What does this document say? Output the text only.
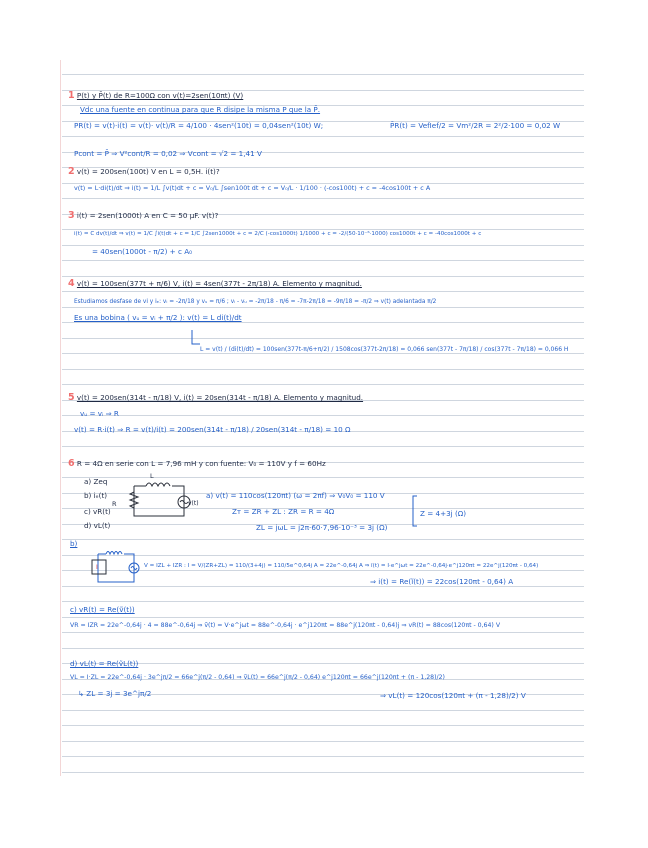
1 P(t) y P̄(t) de R=100Ω con v(t)=2sen(10πt) (V)
Vdc una fuente en continua para que R disipe la misma P que la P̄.
PR(t) = v(t)·i(t) = v(t)· v(t)/R = 4/100 · 4sen²(10t) = 0,04sen²(10t) W;	P̄R(t) = VefIef/2 = Vm²/2R = 2²/2·100 = 0,02 W
Pcont = P̄ ⇒ V²cont/R = 0,02 ⇒ Vcont = √2 = 1,41 V
2 v(t) = 200sen(100t) V en L = 0,5H. i(t)?
v(t) = L·di(t)/dt ⇒ i(t) = 1/L ∫v(t)dt + c = V₀/L ∫sen100t dt + c = V₀/L · 1/100 · (-cos100t) + c = -4cos100t + c A
3 i(t) = 2sen(1000t) A en C = 50 µF. v(t)?
i(t) = C dv(t)/dt ⇒ v(t) = 1/C ∫i(t)dt + c = 1/C ∫2sen1000t + c = 2/C (-cos1000t) 1/1000 + c = -2/(50·10⁻⁶·1000) cos1000t + c = -40cos1000t + c
= 40sen(1000t - π/2) + c A₀
4 v(t) = 100sen(377t + π/6) V, i(t) = 4sen(377t - 2π/18) A. Elemento y magnitud.
Estudiamos desfase de vi y iₑ: vᵢ = -2π/18 y vᵤ = π/6 ; vᵢ - vᵤ = -2π/18 - π/6 = -7π-2π/18 = -9π/18 = -π/2 ⇒ v(t) adelantada π/2
Es una bobina ( vᵤ = vᵢ + π/2 ): v(t) = L di(t)/dt
L = v(t) / (di(t)/dt) = 100sen(377t-π/6+π/2) / 1508cos(377t-2π/18) = 0,066 sen(377t - 7π/18) / cos(377t - 7π/18) = 0,066 H
5 v(t) = 200sen(314t - π/18) V, i(t) = 20sen(314t - π/18) A. Elemento y magnitud.
vᵤ = vᵢ ⇒ R
v(t) = R·i(t) ⇒ R = v(t)/i(t) = 200sen(314t - π/18) / 20sen(314t - π/18) = 10 Ω
6 R = 4Ω en serie con L = 7,96 mH y con fuente: V₀ = 110V y f = 60Hz
a) Zeq
b) iₑ(t)
c) vR(t)
d) vL(t)
L
R	v(t)
a) v(t) = 110cos(120πt) (ω = 2πf) ⇒ V₀V₀ = 110 V
Zт = ZR + ZL : ZR = R = 4Ω
ZL = jωL = j2π·60·7,96·10⁻³ = 3j (Ω)
Z = 4+3j (Ω)
b)
I	V = IZL + IZR : I = V/(ZR+ZL) = 110/(3+4j) = 110/5e^0,64j A = 22e^-0,64j A ⇒ ĩ(t) = I·e^jωt = 22e^-0,64j·e^j120πt = 22e^j(120πt - 0,64)
⇒ i(t) = Re(ĩ(t)) = 22cos(120πt - 0,64) A
c) vR(t) = Re(ṽ(t))
VR = IZR = 22e^-0,64j · 4 = 88e^-0,64j ⇒ ṽ(t) = V·e^jωt = 88e^-0,64j · e^j120πt = 88e^j(120πt - 0,64)j ⇒ vR(t) = 88cos(120πt - 0,64) V
d) vL(t) = Re(ṽL(t))
VL = I·ZL = 22e^-0,64j · 3e^jπ/2 = 66e^j(π/2 - 0,64) ⇒ ṽL(t) = 66e^j(π/2 - 0,64) e^j120πt = 66e^j(120πt + (π - 1,28)/2)
↳ ZL = 3j = 3e^jπ/2	⇒ vL(t) = 120cos(120πt + (π - 1,28)/2) V
